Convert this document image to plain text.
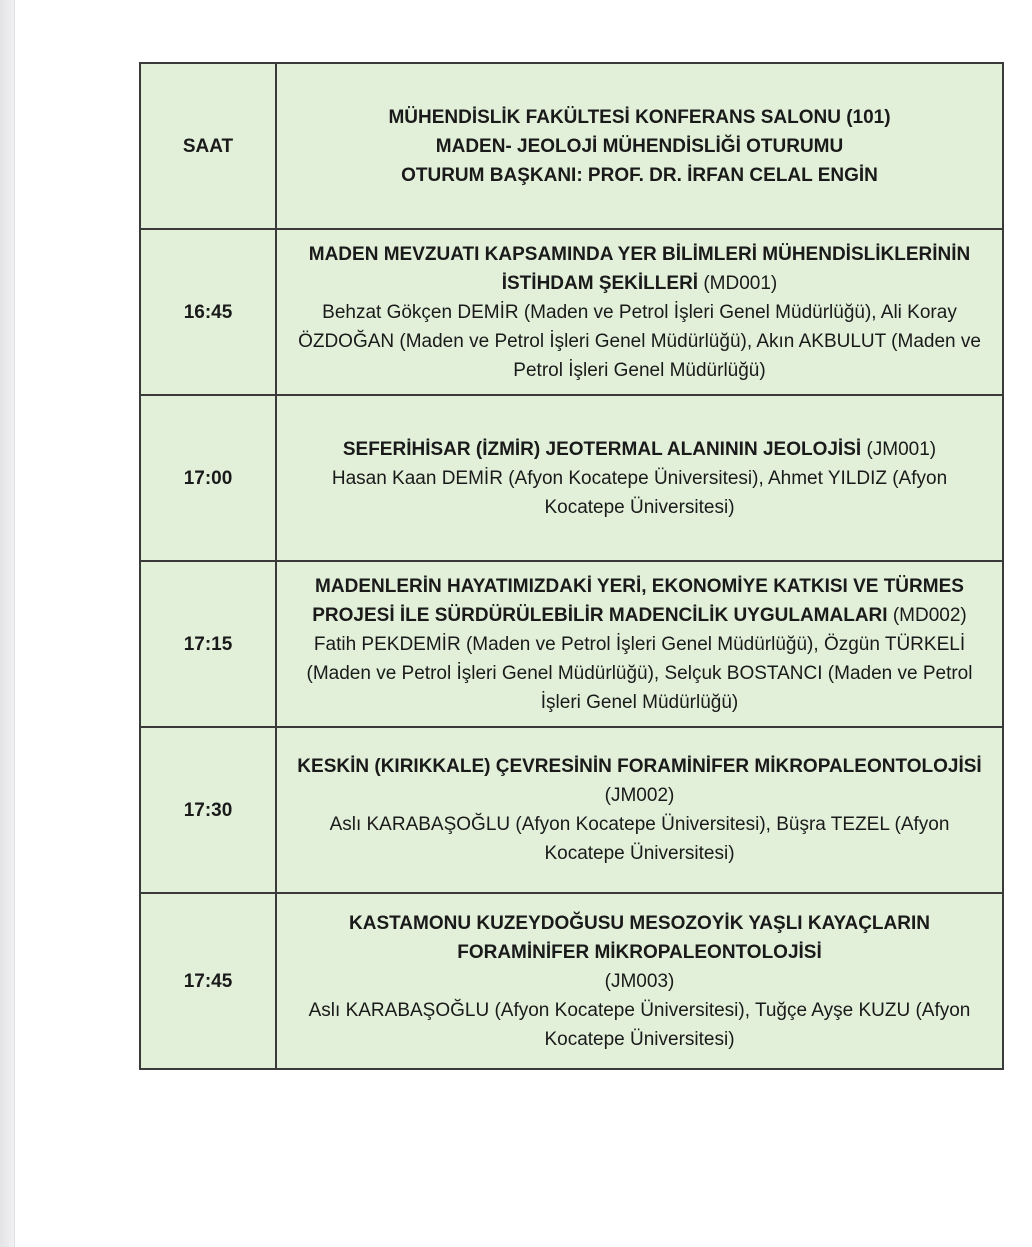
SAAT	MÜHENDİSLİK FAKÜLTESİ KONFERANS SALONU (101)
MADEN- JEOLOJİ MÜHENDİSLİĞİ OTURUMU
OTURUM BAŞKANI: PROF. DR. İRFAN CELAL ENGİN

16:45	MADEN MEVZUATI KAPSAMINDA YER BİLİMLERİ MÜHENDİSLİKLERİNİN İSTİHDAM ŞEKİLLERİ (MD001)
Behzat Gökçen DEMİR (Maden ve Petrol İşleri Genel Müdürlüğü), Ali Koray ÖZDOĞAN (Maden ve Petrol İşleri Genel Müdürlüğü), Akın AKBULUT (Maden ve Petrol İşleri Genel Müdürlüğü)
17:00	SEFERİHİSAR (İZMİR) JEOTERMAL ALANININ JEOLOJİSİ (JM001)
Hasan Kaan DEMİR (Afyon Kocatepe Üniversitesi), Ahmet YILDIZ (Afyon Kocatepe Üniversitesi)
17:15	MADENLERİN HAYATIMIZDAKİ YERİ, EKONOMİYE KATKISI VE TÜRMES PROJESİ İLE SÜRDÜRÜLEBİLİR MADENCİLİK UYGULAMALARI (MD002)
Fatih PEKDEMİR (Maden ve Petrol İşleri Genel Müdürlüğü), Özgün TÜRKELİ (Maden ve Petrol İşleri Genel Müdürlüğü), Selçuk BOSTANCI (Maden ve Petrol İşleri Genel Müdürlüğü)
17:30	KESKİN (KIRIKKALE) ÇEVRESİNİN FORAMİNİFER MİKROPALEONTOLOJİSİ
(JM002)
Aslı KARABAŞOĞLU (Afyon Kocatepe Üniversitesi), Büşra TEZEL (Afyon Kocatepe Üniversitesi)
17:45	KASTAMONU KUZEYDOĞUSU MESOZOYİK YAŞLI KAYAÇLARIN FORAMİNİFER MİKROPALEONTOLOJİSİ
(JM003)
Aslı KARABAŞOĞLU (Afyon Kocatepe Üniversitesi), Tuğçe Ayşe KUZU (Afyon Kocatepe Üniversitesi)
